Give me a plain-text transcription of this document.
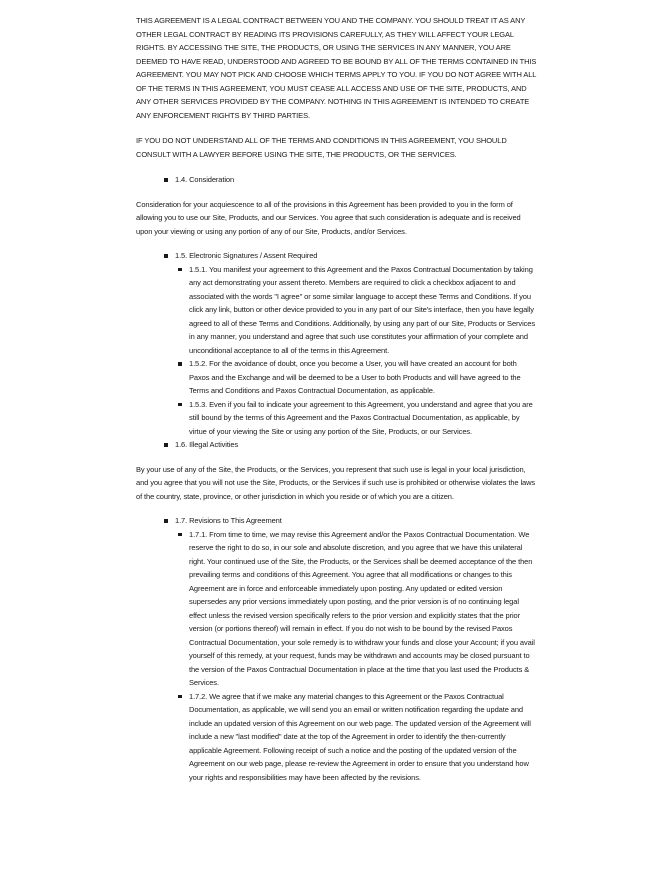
THIS AGREEMENT IS A LEGAL CONTRACT BETWEEN YOU AND THE COMPANY. YOU SHOULD TREAT IT AS ANY OTHER LEGAL CONTRACT BY READING ITS PROVISIONS CAREFULLY, AS THEY WILL AFFECT YOUR LEGAL RIGHTS. BY ACCESSING THE SITE, THE PRODUCTS, OR USING THE SERVICES IN ANY MANNER, YOU ARE DEEMED TO HAVE READ, UNDERSTOOD AND AGREED TO BE BOUND BY ALL OF THE TERMS CONTAINED IN THIS AGREEMENT. YOU MAY NOT PICK AND CHOOSE WHICH TERMS APPLY TO YOU. IF YOU DO NOT AGREE WITH ALL OF THE TERMS IN THIS AGREEMENT, YOU MUST CEASE ALL ACCESS AND USE OF THE SITE, PRODUCTS, AND ANY OTHER SERVICES PROVIDED BY THE COMPANY. NOTHING IN THIS AGREEMENT IS INTENDED TO CREATE ANY ENFORCEMENT RIGHTS BY THIRD PARTIES.

IF YOU DO NOT UNDERSTAND ALL OF THE TERMS AND CONDITIONS IN THIS AGREEMENT, YOU SHOULD CONSULT WITH A LAWYER BEFORE USING THE SITE, THE PRODUCTS, OR THE SERVICES.

1.4. Consideration

Consideration for your acquiescence to all of the provisions in this Agreement has been provided to you in the form of allowing you to use our Site, Products, and our Services. You agree that such consideration is adequate and is received upon your viewing or using any portion of any of our Site, Products, and/or Services.

1.5. Electronic Signatures / Assent Required
1.5.1. You manifest your agreement to this Agreement and the Paxos Contractual Documentation by taking any act demonstrating your assent thereto. Members are required to click a checkbox adjacent to and associated with the words "I agree" or some similar language to accept these Terms and Conditions. If you click any link, button or other device provided to you in any part of our Site's interface, then you have legally agreed to all of these Terms and Conditions. Additionally, by using any part of our Site, Products or Services in any manner, you understand and agree that such use constitutes your affirmation of your complete and unconditional acceptance to all of the terms in this Agreement.
1.5.2. For the avoidance of doubt, once you become a User, you will have created an account for both Paxos and the Exchange and will be deemed to be a User to both Products and will have agreed to the Terms and Conditions and Paxos Contractual Documentation, as applicable.
1.5.3. Even if you fail to indicate your agreement to this Agreement, you understand and agree that you are still bound by the terms of this Agreement and the Paxos Contractual Documentation, as applicable, by virtue of your viewing the Site or using any portion of the Site, Products, or our Services.
1.6. Illegal Activities

By your use of any of the Site, the Products, or the Services, you represent that such use is legal in your local jurisdiction, and you agree that you will not use the Site, Products, or the Services if such use is prohibited or otherwise violates the laws of the country, state, province, or other jurisdiction in which you reside or of which you are a citizen.

1.7. Revisions to This Agreement
1.7.1. From time to time, we may revise this Agreement and/or the Paxos Contractual Documentation. We reserve the right to do so, in our sole and absolute discretion, and you agree that we have this unilateral right. Your continued use of the Site, the Products, or the Services shall be deemed acceptance of the then prevailing terms and conditions of this Agreement. You agree that all modifications or changes to this Agreement are in force and enforceable immediately upon posting. Any updated or edited version supersedes any prior versions immediately upon posting, and the prior version is of no continuing legal effect unless the revised version specifically refers to the prior version and explicitly states that the prior version (or portions thereof) will remain in effect. If you do not wish to be bound by the revised Paxos Contractual Documentation, your sole remedy is to withdraw your funds and close your Account; if you avail yourself of this remedy, at your request, funds may be withdrawn and accounts may be closed pursuant to the version of the Paxos Contractual Documentation in place at the time that you last used the Products & Services.
1.7.2. We agree that if we make any material changes to this Agreement or the Paxos Contractual Documentation, as applicable, we will send you an email or written notification regarding the update and include an updated version of this Agreement on our web page. The updated version of the Agreement will include a new "last modified" date at the top of the Agreement in order to identify the then-currently applicable Agreement. Following receipt of such a notice and the posting of the updated version of the Agreement on our web page, please re-review the Agreement in order to ensure that you understand how your rights and responsibilities may have been affected by the revisions.
